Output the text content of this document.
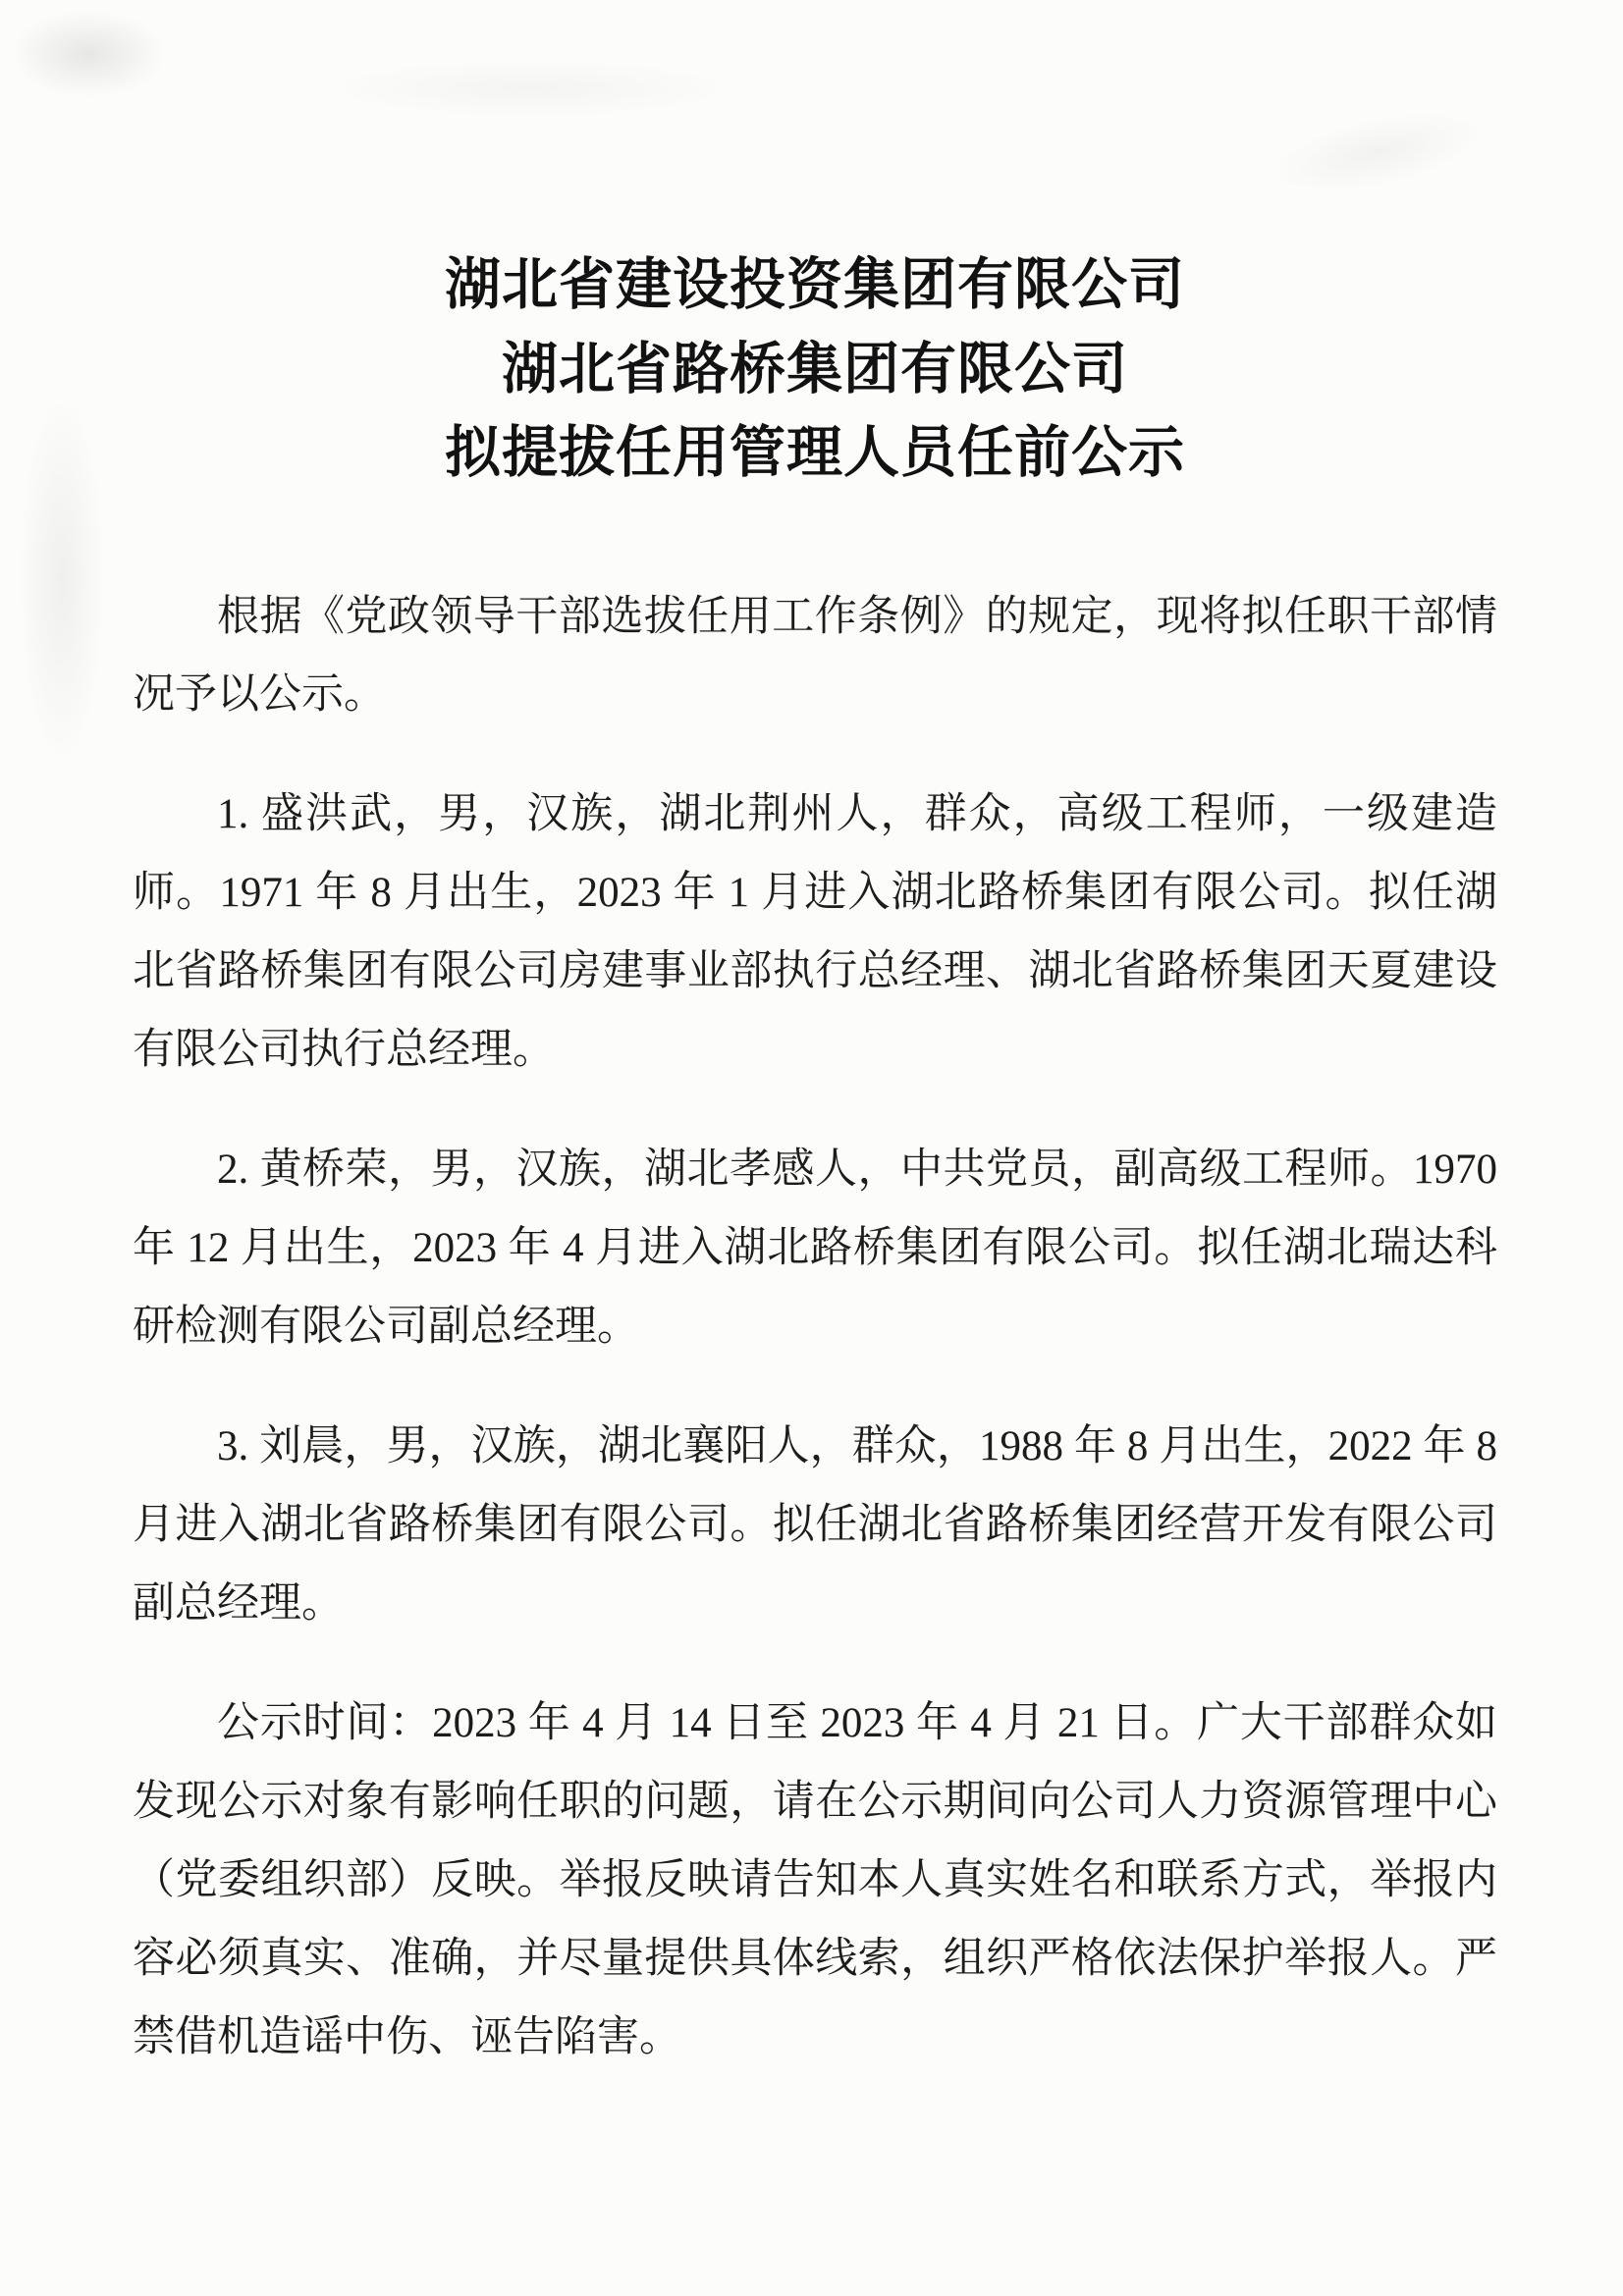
湖北省建设投资集团有限公司
湖北省路桥集团有限公司
拟提拔任用管理人员任前公示

根据《党政领导干部选拔任用工作条例》的规定，现将拟任职干部情况予以公示。

1. 盛洪武，男，汉族，湖北荆州人，群众，高级工程师，一级建造师。1971 年 8 月出生，2023 年 1 月进入湖北路桥集团有限公司。拟任湖北省路桥集团有限公司房建事业部执行总经理、湖北省路桥集团天夏建设有限公司执行总经理。

2. 黄桥荣，男，汉族，湖北孝感人，中共党员，副高级工程师。1970 年 12 月出生，2023 年 4 月进入湖北路桥集团有限公司。拟任湖北瑞达科研检测有限公司副总经理。

3. 刘晨，男，汉族，湖北襄阳人，群众，1988 年 8 月出生，2022 年 8 月进入湖北省路桥集团有限公司。拟任湖北省路桥集团经营开发有限公司副总经理。

公示时间：2023 年 4 月 14 日至 2023 年 4 月 21 日。广大干部群众如发现公示对象有影响任职的问题，请在公示期间向公司人力资源管理中心（党委组织部）反映。举报反映请告知本人真实姓名和联系方式，举报内容必须真实、准确，并尽量提供具体线索，组织严格依法保护举报人。严禁借机造谣中伤、诬告陷害。
